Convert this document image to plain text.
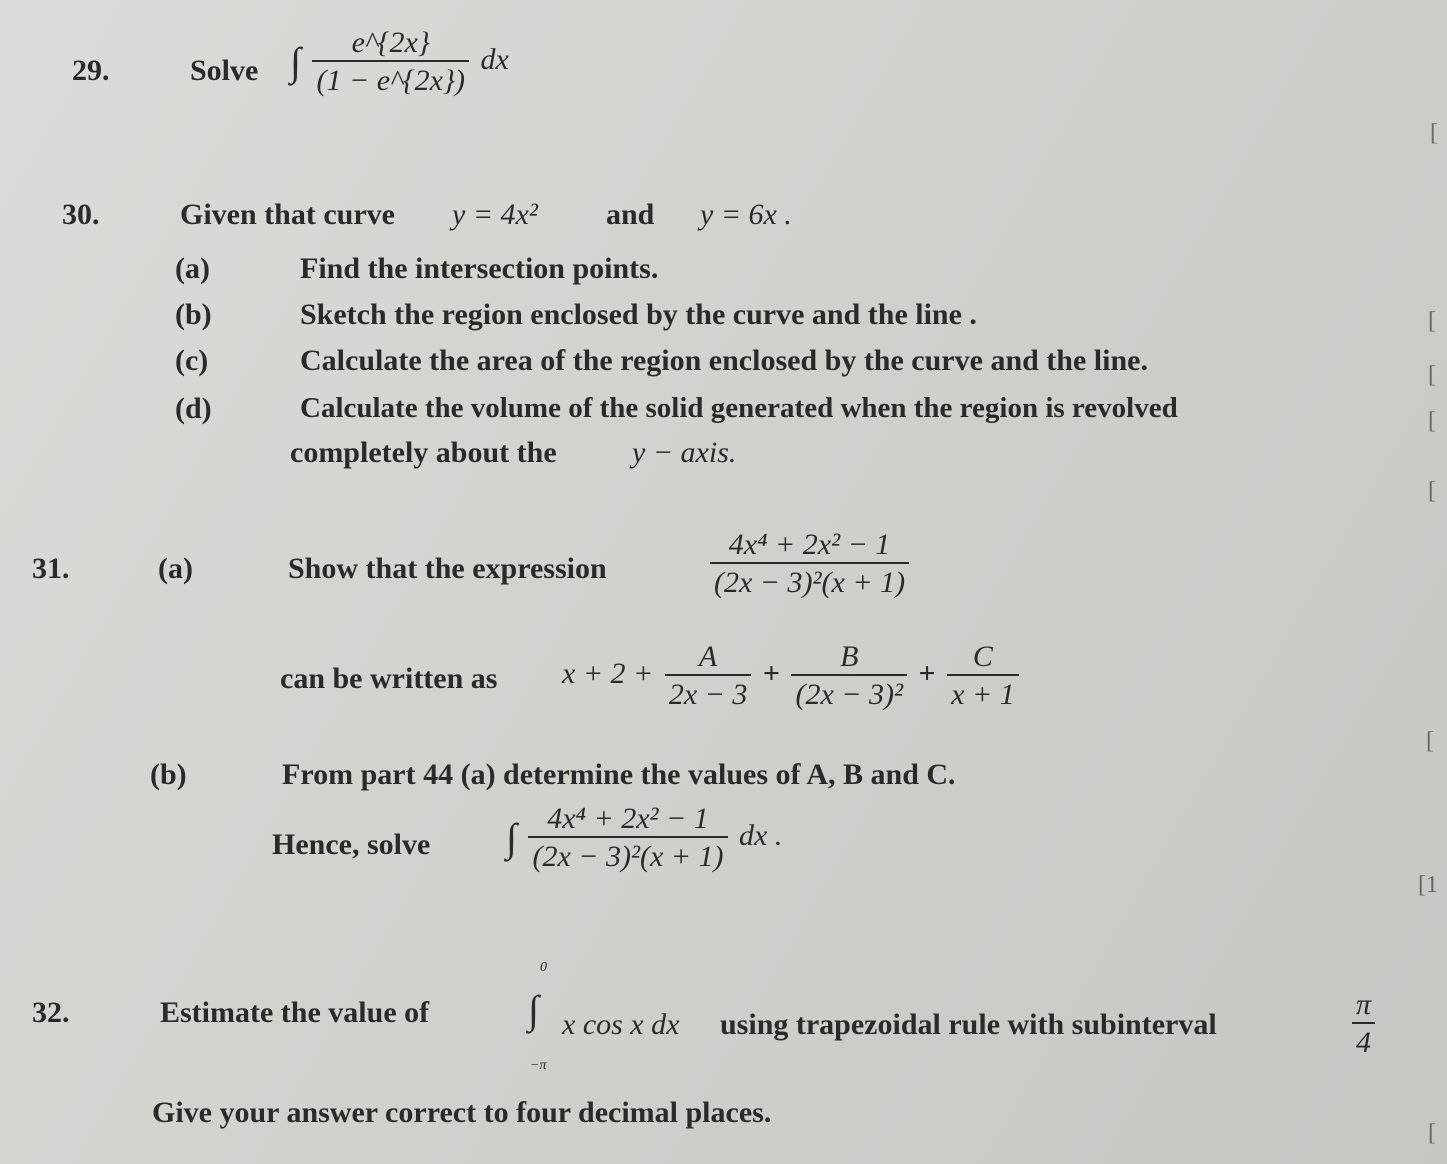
29.	Solve ∫ $\frac{e\^{}\{2x\}}{(1 - e\^{}\{2x\})}$ dx
30.	Given that curve y = 4x² and y = 6x .
(a)	Find the intersection points.
(b)	Sketch the region enclosed by the curve and the line .
(c)	Calculate the area of the region enclosed by the curve and the line.
(d)	Calculate the volume of the solid generated when the region is revolved
completely about the	y − axis.
31.	(a)	Show that the expression	$\frac{\text{4x⁴ + 2x² − 1}}{\text{(2x − 3)²(x + 1)}}$
can be written as $x + 2 + \frac{A}{2x - 3} + \frac{B}{\text{(2x − 3)²}} + \frac{C}{x + 1}$
(b)	From part 44 (a) determine the values of A, B and C.
Hence, solve ∫ $\frac{\text{4x⁴ + 2x² − 1}}{\text{(2x − 3)²(x + 1)}}$ dx .
32.	Estimate the value of
0
∫
−π
x cos x dx using trapezoidal rule with subinterval	$\frac{\pi}{4}$
Give your answer correct to four decimal places.
[
[
[
[
[
[
[1
[
